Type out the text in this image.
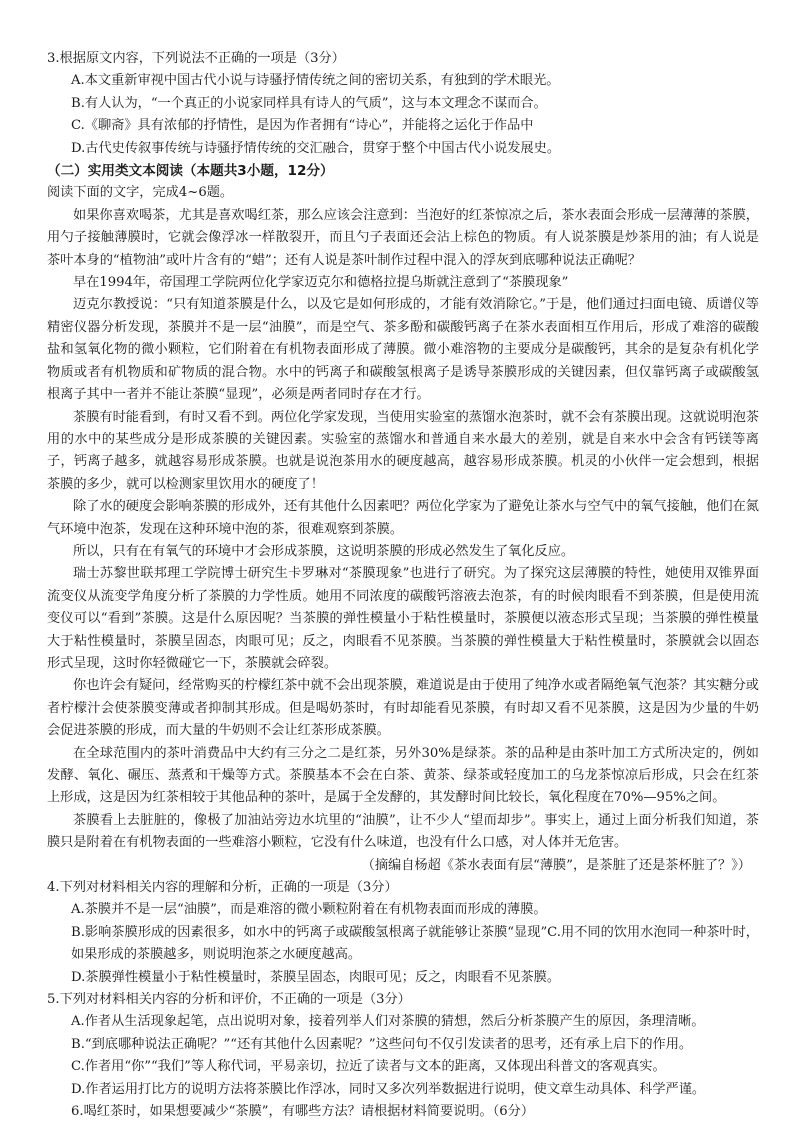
3.根据原文内容，下列说法不正确的一项是（3分）

A.本文重新审视中国古代小说与诗骚抒情传统之间的密切关系，有独到的学术眼光。

B.有人认为，“一个真正的小说家同样具有诗人的气质”，这与本文理念不谋而合。

C.《聊斋》具有浓郁的抒情性，是因为作者拥有“诗心”，并能将之运化于作品中

D.古代史传叙事传统与诗骚抒情传统的交汇融合，贯穿于整个中国古代小说发展史。

（二）实用类文本阅读（本题共3小题，12分）

阅读下面的文字，完成4~6题。

如果你喜欢喝茶，尤其是喜欢喝红茶，那么应该会注意到：当泡好的红茶惊凉之后，茶水表面会形成一层薄薄的茶膜，用勺子接触薄膜时，它就会像浮冰一样散裂开，而且勺子表面还会沾上棕色的物质。有人说茶膜是炒茶用的油；有人说是茶叶本身的“植物油”或叶片含有的“蜡”；还有人说是茶叶制作过程中混入的浮灰到底哪种说法正确呢？

早在1994年，帝国理工学院两位化学家迈克尔和德格拉提乌斯就注意到了“茶膜现象”

迈克尔教授说：“只有知道茶膜是什么，以及它是如何形成的，才能有效消除它。”于是，他们通过扫面电镜、质谱仪等精密仪器分析发现，茶膜并不是一层“油膜”，而是空气、茶多酚和碳酸钙离子在茶水表面相互作用后，形成了难溶的碳酸盐和氢氧化物的微小颗粒，它们附着在有机物表面形成了薄膜。微小难溶物的主要成分是碳酸钙，其余的是复杂有机化学物质或者有机物质和矿物质的混合物。水中的钙离子和碳酸氢根离子是诱导茶膜形成的关键因素，但仅靠钙离子或碳酸氢根离子其中一者并不能让茶膜“显现”，必须是两者同时存在才行。

茶膜有时能看到，有时又看不到。两位化学家发现，当使用实验室的蒸馏水泡茶时，就不会有茶膜出现。这就说明泡茶用的水中的某些成分是形成茶膜的关键因素。实验室的蒸馏水和普通自来水最大的差别，就是自来水中会含有钙镁等离子，钙离子越多，就越容易形成茶膜。也就是说泡茶用水的硬度越高，越容易形成茶膜。机灵的小伙伴一定会想到，根据茶膜的多少，就可以检测家里饮用水的硬度了！

除了水的硬度会影响茶膜的形成外，还有其他什么因素吧？两位化学家为了避免让茶水与空气中的氧气接触，他们在氮气环境中泡茶，发现在这种环境中泡的茶，很难观察到茶膜。

所以，只有在有氧气的环境中才会形成茶膜，这说明茶膜的形成必然发生了氧化反应。

瑞士苏黎世联邦理工学院博士研究生卡罗琳对“茶膜现象”也进行了研究。为了探究这层薄膜的特性，她使用双锥界面流变仪从流变学角度分析了茶膜的力学性质。她用不同浓度的碳酸钙溶液去泡茶，有的时候肉眼看不到茶膜，但是使用流变仪可以“看到”茶膜。这是什么原因呢？当茶膜的弹性模量小于粘性模量时，茶膜便以液态形式呈现；当茶膜的弹性模量大于粘性模量时，茶膜呈固态，肉眼可见；反之，肉眼看不见茶膜。当茶膜的弹性模量大于粘性模量时，茶膜就会以固态形式呈现，这时你轻微碰它一下，茶膜就会碎裂。

你也许会有疑问，经常购买的柠檬红茶中就不会出现茶膜，难道说是由于使用了纯净水或者隔绝氧气泡茶？其实糖分或者柠檬汁会使茶膜变薄或者抑制其形成。但是喝奶茶时，有时却能看见茶膜，有时却又看不见茶膜，这是因为少量的牛奶会促进茶膜的形成，而大量的牛奶则不会让红茶形成茶膜。

在全球范围内的茶叶消费品中大约有三分之二是红茶，另外30%是绿茶。茶的品种是由茶叶加工方式所决定的，例如发酵、氧化、碾压、蒸煮和干燥等方式。茶膜基本不会在白茶、黄茶、绿茶或轻度加工的乌龙茶惊凉后形成，只会在红茶上形成，这是因为红茶相较于其他品种的茶叶，是属于全发酵的，其发酵时间比较长，氧化程度在70%—95%之间。

茶膜看上去脏脏的，像极了加油站旁边水坑里的“油膜”，让不少人“望而却步”。事实上，通过上面分析我们知道，茶膜只是附着在有机物表面的一些难溶小颗粒，它没有什么味道，也没有什么口感，对人体并无危害。

（摘编自杨超《茶水表面有层“薄膜”，是茶脏了还是茶杯脏了？》）

4.下列对材料相关内容的理解和分析，正确的一项是（3分）

A.茶膜并不是一层“油膜”，而是难溶的微小颗粒附着在有机物表面而形成的薄膜。

B.影响茶膜形成的因素很多，如水中的钙离子或碳酸氢根离子就能够让茶膜“显现”C.用不同的饮用水泡同一种茶叶时，如果形成的茶膜越多，则说明泡茶之水硬度越高。

D.茶膜弹性模量小于粘性模量时，茶膜呈固态，肉眼可见；反之，肉眼看不见茶膜。

5.下列对材料相关内容的分析和评价，不正确的一项是（3分）

A.作者从生活现象起笔，点出说明对象，接着列举人们对茶膜的猜想，然后分析茶膜产生的原因，条理清晰。

B.“到底哪种说法正确呢？”“还有其他什么因素呢？”这些问句不仅引发读者的思考，还有承上启下的作用。

C.作者用“你”“我们”等人称代词，平易亲切，拉近了读者与文本的距离，又体现出科普文的客观真实。

D.作者运用打比方的说明方法将茶膜比作浮冰，同时又多次列举数据进行说明，使文章生动具体、科学严谨。

6.喝红茶时，如果想要减少“茶膜”，有哪些方法？请根据材料简要说明。（6分）
